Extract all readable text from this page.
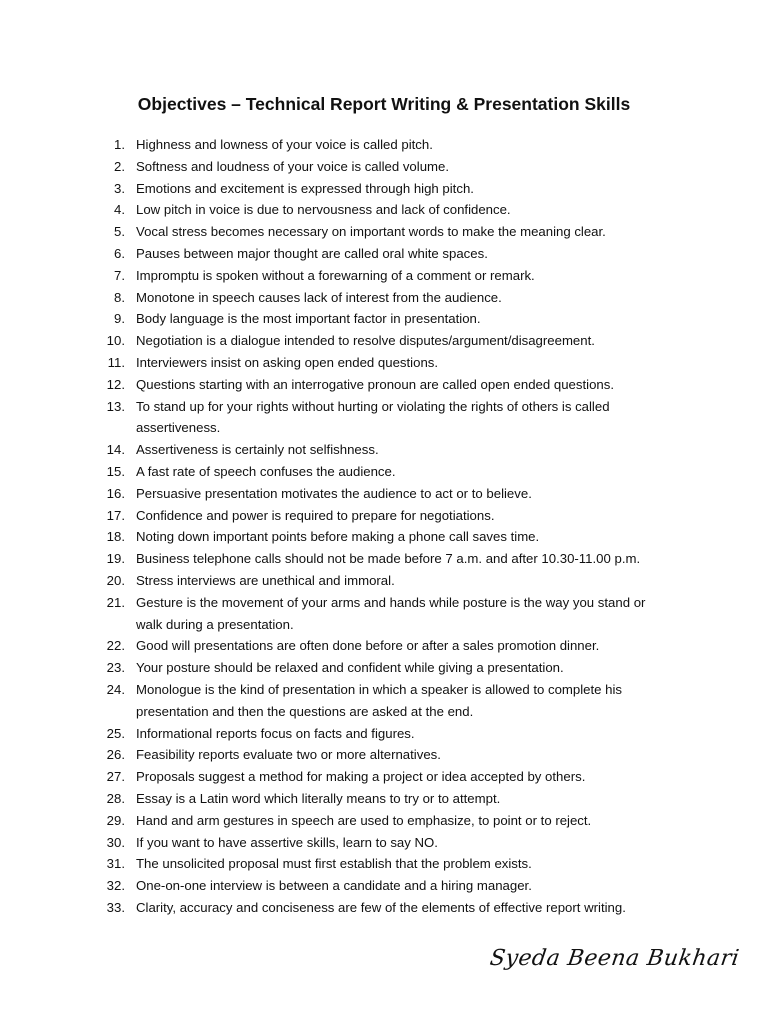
Objectives – Technical Report Writing & Presentation Skills
1. Highness and lowness of your voice is called pitch.
2. Softness and loudness of your voice is called volume.
3. Emotions and excitement is expressed through high pitch.
4. Low pitch in voice is due to nervousness and lack of confidence.
5. Vocal stress becomes necessary on important words to make the meaning clear.
6. Pauses between major thought are called oral white spaces.
7. Impromptu is spoken without a forewarning of a comment or remark.
8. Monotone in speech causes lack of interest from the audience.
9. Body language is the most important factor in presentation.
10. Negotiation is a dialogue intended to resolve disputes/argument/disagreement.
11. Interviewers insist on asking open ended questions.
12. Questions starting with an interrogative pronoun are called open ended questions.
13. To stand up for your rights without hurting or violating the rights of others is called
assertiveness.
14. Assertiveness is certainly not selfishness.
15. A fast rate of speech confuses the audience.
16. Persuasive presentation motivates the audience to act or to believe.
17. Confidence and power is required to prepare for negotiations.
18. Noting down important points before making a phone call saves time.
19. Business telephone calls should not be made before 7 a.m. and after 10.30-11.00 p.m.
20. Stress interviews are unethical and immoral.
21. Gesture is the movement of your arms and hands while posture is the way you stand or
walk during a presentation.
22. Good will presentations are often done before or after a sales promotion dinner.
23. Your posture should be relaxed and confident while giving a presentation.
24. Monologue is the kind of presentation in which a speaker is allowed to complete his
presentation and then the questions are asked at the end.
25. Informational reports focus on facts and figures.
26. Feasibility reports evaluate two or more alternatives.
27. Proposals suggest a method for making a project or idea accepted by others.
28. Essay is a Latin word which literally means to try or to attempt.
29. Hand and arm gestures in speech are used to emphasize, to point or to reject.
30. If you want to have assertive skills, learn to say NO.
31. The unsolicited proposal must first establish that the problem exists.
32. One-on-one interview is between a candidate and a hiring manager.
33. Clarity, accuracy and conciseness are few of the elements of effective report writing.
Syeda Beena Bukhari
